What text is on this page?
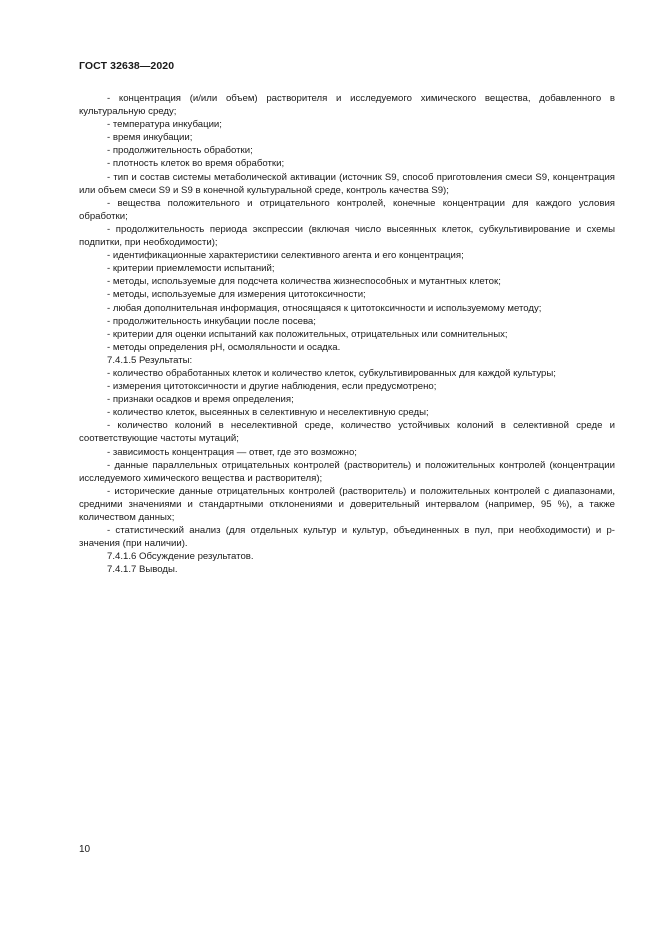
ГОСТ 32638—2020

- концентрация (и/или объем) растворителя и исследуемого химического вещества, добавленного в культуральную среду;

- температура инкубации;

- время инкубации;

- продолжительность обработки;

- плотность клеток во время обработки;

- тип и состав системы метаболической активации (источник S9, способ приготовления смеси S9, концентрация или объем смеси S9 и S9 в конечной культуральной среде, контроль качества S9);

- вещества положительного и отрицательного контролей, конечные концентрации для каждого условия обработки;

- продолжительность периода экспрессии (включая число высеянных клеток, субкультивирование и схемы подпитки, при необходимости);

- идентификационные характеристики селективного агента и его концентрация;

- критерии приемлемости испытаний;

- методы, используемые для подсчета количества жизнеспособных и мутантных клеток;

- методы, используемые для измерения цитотоксичности;

- любая дополнительная информация, относящаяся к цитотоксичности и используемому методу;

- продолжительность инкубации после посева;

- критерии для оценки испытаний как положительных, отрицательных или сомнительных;

- методы определения pH, осмоляльности и осадка.

7.4.1.5 Результаты:

- количество обработанных клеток и количество клеток, субкультивированных для каждой культуры;

- измерения цитотоксичности и другие наблюдения, если предусмотрено;

- признаки осадков и время определения;

- количество клеток, высеянных в селективную и неселективную среды;

- количество колоний в неселективной среде, количество устойчивых колоний в селективной среде и соответствующие частоты мутаций;

- зависимость концентрация — ответ, где это возможно;

- данные параллельных отрицательных контролей (растворитель) и положительных контролей (концентрации исследуемого химического вещества и растворителя);

- исторические данные отрицательных контролей (растворитель) и положительных контролей с диапазонами, средними значениями и стандартными отклонениями и доверительный интервалом (например, 95 %), а также количеством данных;

- статистический анализ (для отдельных культур и культур, объединенных в пул, при необходимости) и p-значения (при наличии).

7.4.1.6 Обсуждение результатов.

7.4.1.7 Выводы.

10
